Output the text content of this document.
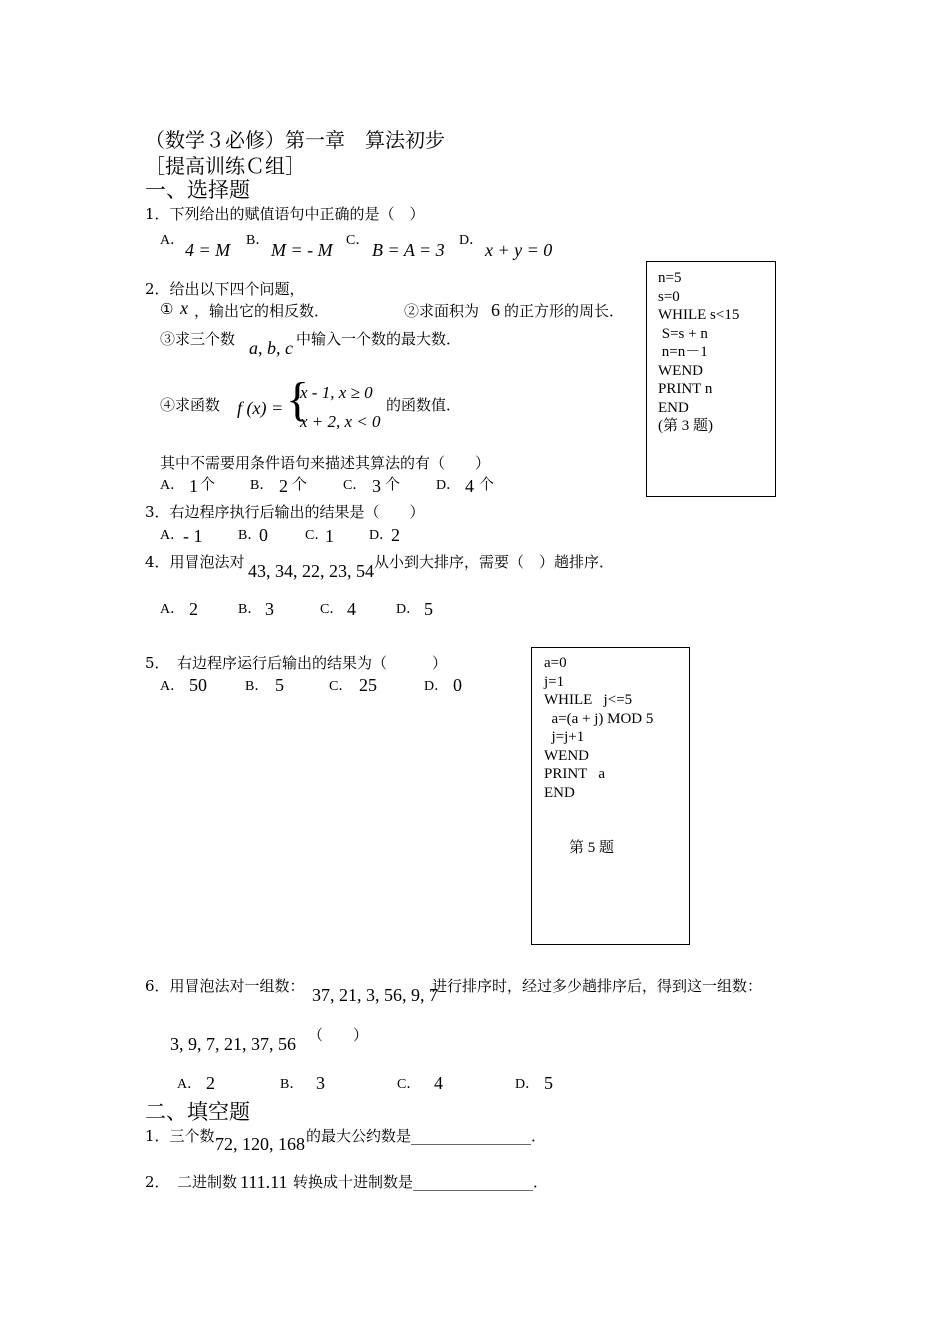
（数学３必修）第一章　算法初步
［提高训练Ｃ组］
一、选择题
1．下列给出的赋值语句中正确的是（　）
A． 4 = M B． M = - M C． B = A = 3 D． x + y = 0
2．给出以下四个问题，
① x ，输出它的相反数．	②求面积为 6 的正方形的周长．
③求三个数 a, b, c 中输入一个数的最大数．
④求函数 f (x) = {
x - 1, x ≥ 0
x + 2, x < 0
的函数值．
其中不需要用条件语句来描述其算法的有（　　）
A． 1 个 B． 2 个	C． 3 个	D． 4 个
n=5
s=0
WHILE s<15
S=s + n
n=n－1
WEND
PRINT n
END
(第 3 题)
3．右边程序执行后输出的结果是（　　）
A．
- 1	B．
0	C．
1	D．
2
4．用冒泡法对 43, 34, 22, 23, 54 从小到大排序，需要（　）趟排序．
A． 2	B． 3	C． 4	D． 5
5．　右边程序运行后输出的结果为（　　　）
A． 50	B． 5	C． 25	D． 0
a=0
j=1
WHILE   j<=5
a=(a + j) MOD 5
j=j+1
WEND
PRINT   a
END
第 5 题
6．用冒泡法对一组数： 37, 21, 3, 56, 9, 7
进行排序时，经过多少趟排序后，得到这一组数：
3, 9, 7, 21, 37, 56 （　　）
A． 2	B． 3	C． 4	D． 5
二、填空题
1．三个数 72, 120, 168 的最大公约数是________________．
2．　二进制数 111.11 转换成十进制数是________________．
